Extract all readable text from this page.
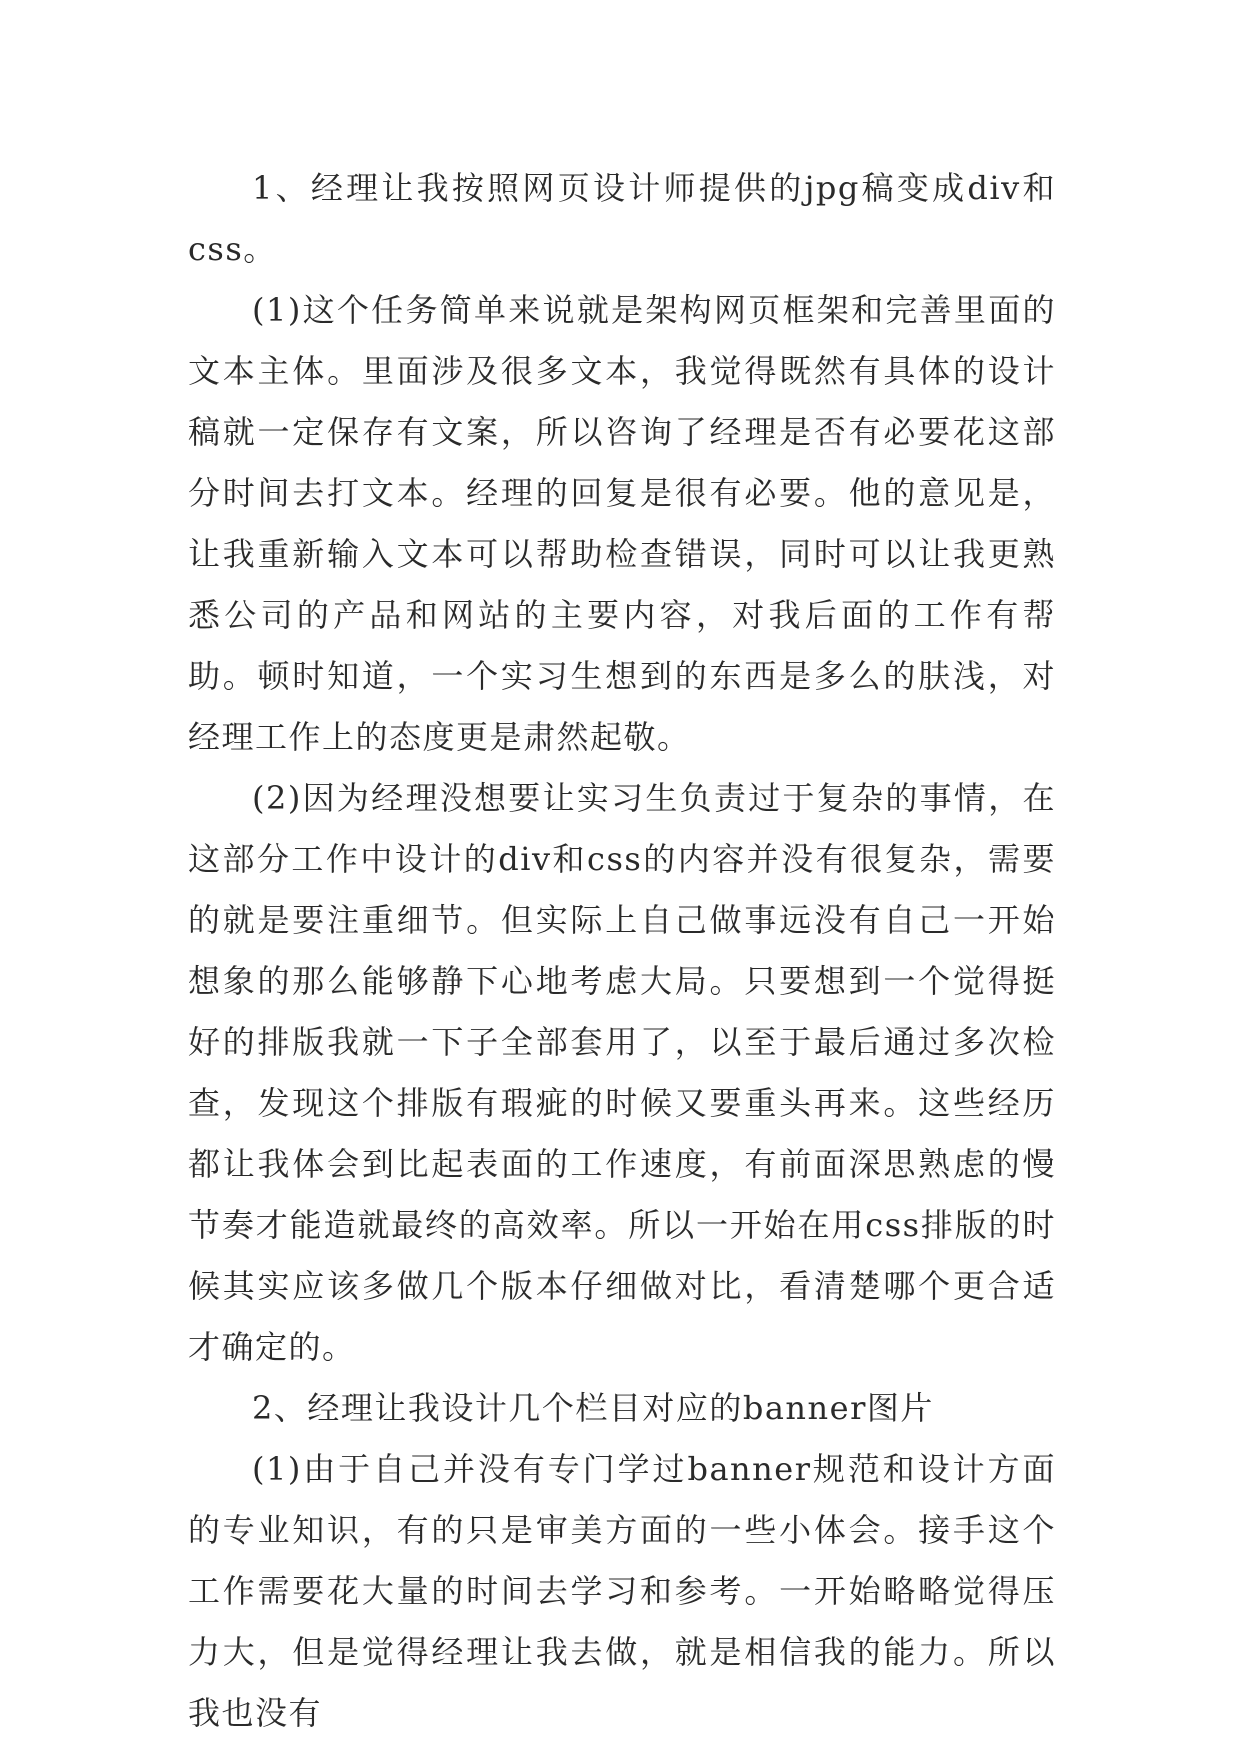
1、经理让我按照网页设计师提供的jpg稿变成div和css。

(1)这个任务简单来说就是架构网页框架和完善里面的文本主体。里面涉及很多文本，我觉得既然有具体的设计稿就一定保存有文案，所以咨询了经理是否有必要花这部分时间去打文本。经理的回复是很有必要。他的意见是，让我重新输入文本可以帮助检查错误，同时可以让我更熟悉公司的产品和网站的主要内容，对我后面的工作有帮助。顿时知道，一个实习生想到的东西是多么的肤浅，对经理工作上的态度更是肃然起敬。

(2)因为经理没想要让实习生负责过于复杂的事情，在这部分工作中设计的div和css的内容并没有很复杂，需要的就是要注重细节。但实际上自己做事远没有自己一开始想象的那么能够静下心地考虑大局。只要想到一个觉得挺好的排版我就一下子全部套用了，以至于最后通过多次检查，发现这个排版有瑕疵的时候又要重头再来。这些经历都让我体会到比起表面的工作速度，有前面深思熟虑的慢节奏才能造就最终的高效率。所以一开始在用css排版的时候其实应该多做几个版本仔细做对比，看清楚哪个更合适才确定的。

2、经理让我设计几个栏目对应的banner图片

(1)由于自己并没有专门学过banner规范和设计方面的专业知识，有的只是审美方面的一些小体会。接手这个工作需要花大量的时间去学习和参考。一开始略略觉得压力大，但是觉得经理让我去做，就是相信我的能力。所以我也没有
